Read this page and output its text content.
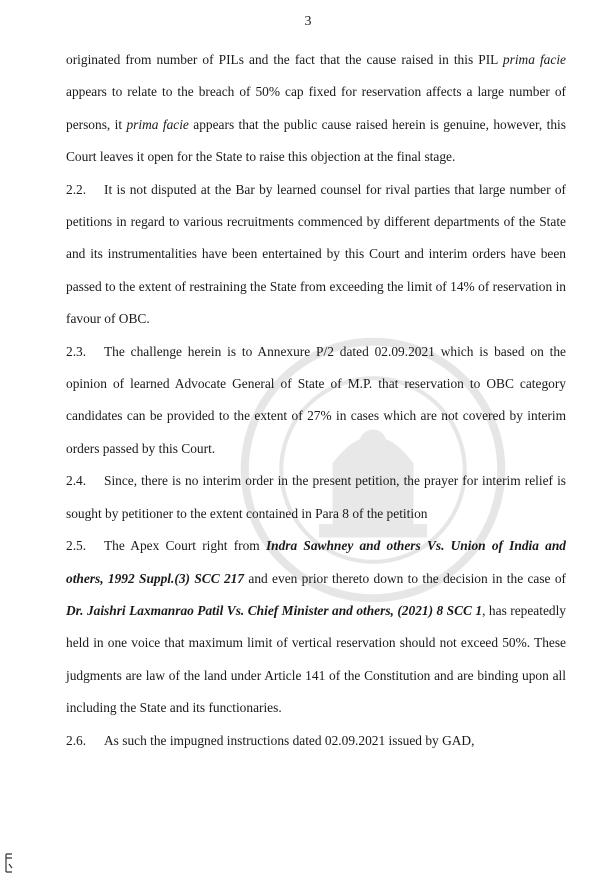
3

originated from number of PILs and the fact that the cause raised in this PIL prima facie appears to relate to the breach of 50% cap fixed for reservation affects a large number of persons, it prima facie appears that the public cause raised herein is genuine, however, this Court leaves it open for the State to raise this objection at the final stage.

2.2. It is not disputed at the Bar by learned counsel for rival parties that large number of petitions in regard to various recruitments commenced by different departments of the State and its instrumentalities have been entertained by this Court and interim orders have been passed to the extent of restraining the State from exceeding the limit of 14% of reservation in favour of OBC.

2.3. The challenge herein is to Annexure P/2 dated 02.09.2021 which is based on the opinion of learned Advocate General of State of M.P. that reservation to OBC category candidates can be provided to the extent of 27% in cases which are not covered by interim orders passed by this Court.

2.4. Since, there is no interim order in the present petition, the prayer for interim relief is sought by petitioner to the extent contained in Para 8 of the petition

2.5. The Apex Court right from Indra Sawhney and others Vs. Union of India and others, 1992 Suppl.(3) SCC 217 and even prior thereto down to the decision in the case of Dr. Jaishri Laxmanrao Patil Vs. Chief Minister and others, (2021) 8 SCC 1, has repeatedly held in one voice that maximum limit of vertical reservation should not exceed 50%. These judgments are law of the land under Article 141 of the Constitution and are binding upon all including the State and its functionaries.

2.6. As such the impugned instructions dated 02.09.2021 issued by GAD,
